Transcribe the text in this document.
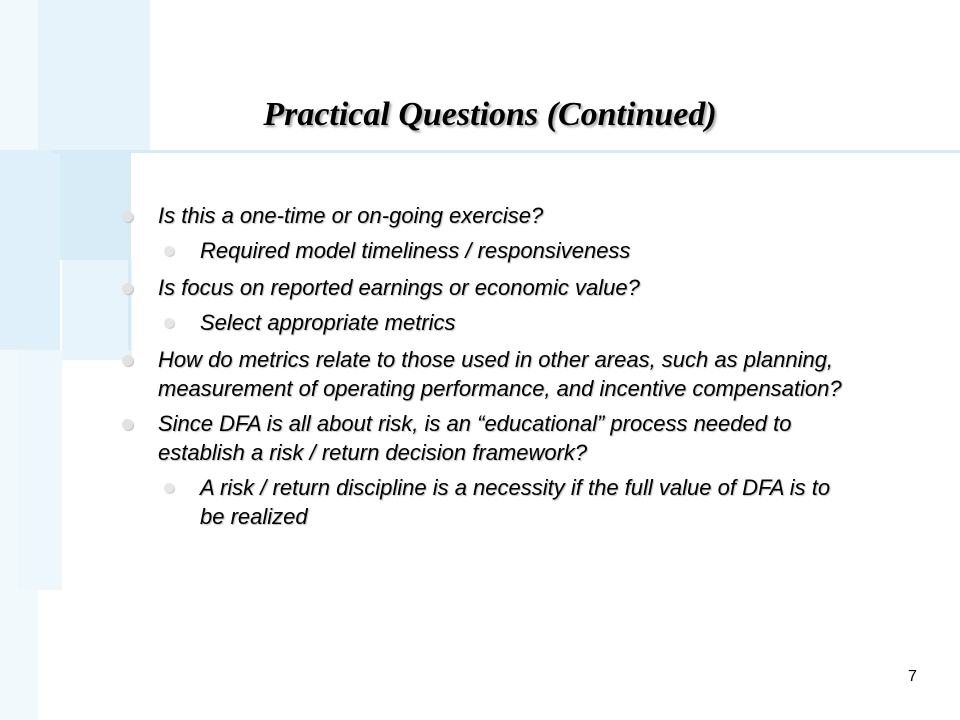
Practical Questions (Continued)
Is this a one-time or on-going exercise?
Required model timeliness / responsiveness
Is focus on reported earnings or economic value?
Select appropriate metrics
How do metrics relate to those used in other areas, such as planning, measurement of operating performance, and incentive compensation?
Since DFA is all about risk, is an “educational” process needed to establish a risk / return decision framework?
A risk / return discipline is a necessity if the full value of DFA is to be realized
7
